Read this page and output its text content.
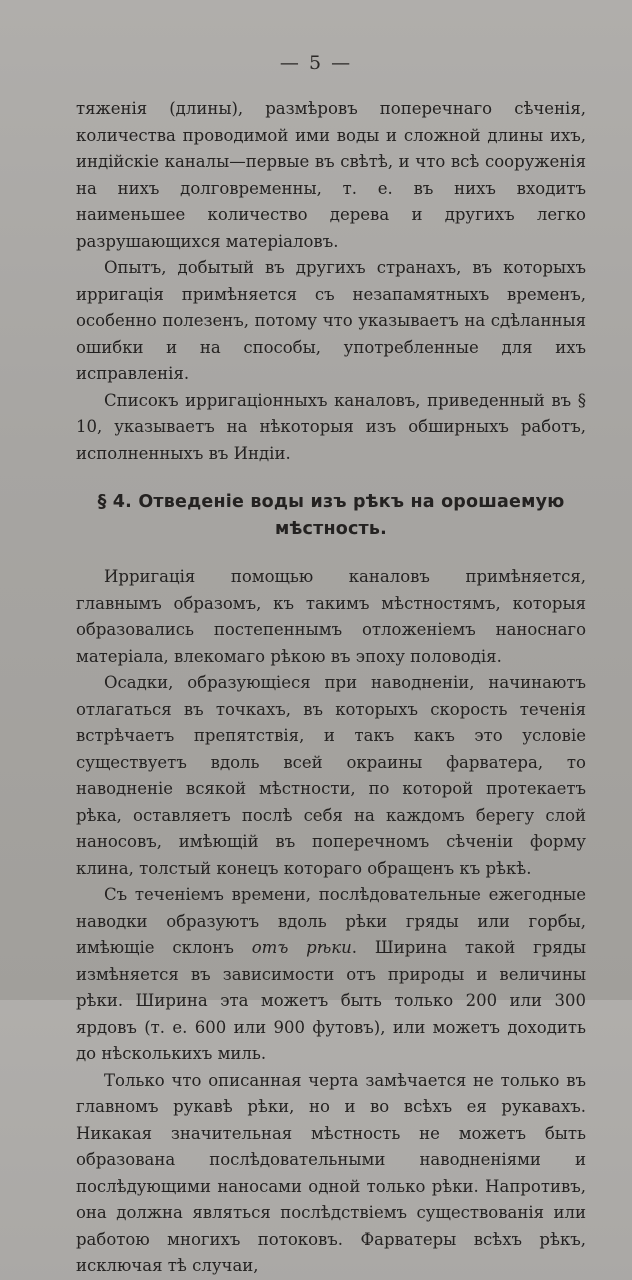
— 5 —

тяженія (длины), размѣровъ поперечнаго сѣченія, количества проводимой ими воды и сложной длины ихъ, индійскіе каналы—первые въ свѣтѣ, и что всѣ сооруженія на нихъ долговременны, т. е. въ нихъ входитъ наименьшее количество дерева и другихъ легко разрушающихся матеріаловъ.

Опытъ, добытый въ другихъ странахъ, въ которыхъ ирригація примѣняется съ незапамятныхъ временъ, особенно полезенъ, потому что указываетъ на сдѣланныя ошибки и на способы, употребленные для ихъ исправленія.

Списокъ ирригаціонныхъ каналовъ, приведенный въ § 10, указываетъ на нѣкоторыя изъ обширныхъ работъ, исполненныхъ въ Индіи.

§ 4. Отведеніе воды изъ рѣкъ на орошаемую мѣстность.

Ирригація помощью каналовъ примѣняется, главнымъ образомъ, къ такимъ мѣстностямъ, которыя образовались постепеннымъ отложеніемъ наноснаго матеріала, влекомаго рѣкою въ эпоху половодія.

Осадки, образующіеся при наводненіи, начинаютъ отлагаться въ точкахъ, въ которыхъ скорость теченія встрѣчаетъ препятствія, и такъ какъ это условіе существуетъ вдоль всей окраины фарватера, то наводненіе всякой мѣстности, по которой протекаетъ рѣка, оставляетъ послѣ себя на каждомъ берегу слой наносовъ, имѣющій въ поперечномъ сѣченіи форму клина, толстый конецъ котораго обращенъ къ рѣкѣ.

Съ теченіемъ времени, послѣдовательные ежегодные наводки образуютъ вдоль рѣки гряды или горбы, имѣющіе склонъ отъ рѣки. Ширина такой гряды измѣняется въ зависимости отъ природы и величины рѣки. Ширина эта можетъ быть только 200 или 300 ярдовъ (т. е. 600 или 900 футовъ), или можетъ доходить до нѣсколькихъ миль.

Только что описанная черта замѣчается не только въ главномъ рукавѣ рѣки, но и во всѣхъ ея рукавахъ. Никакая значительная мѣстность не можетъ быть образована послѣдовательными наводненіями и послѣдующими наносами одной только рѣки. Напротивъ, она должна являться послѣдствіемъ существованія или работою многихъ потоковъ. Фарватеры всѣхъ рѣкъ, исключая тѣ случаи,
